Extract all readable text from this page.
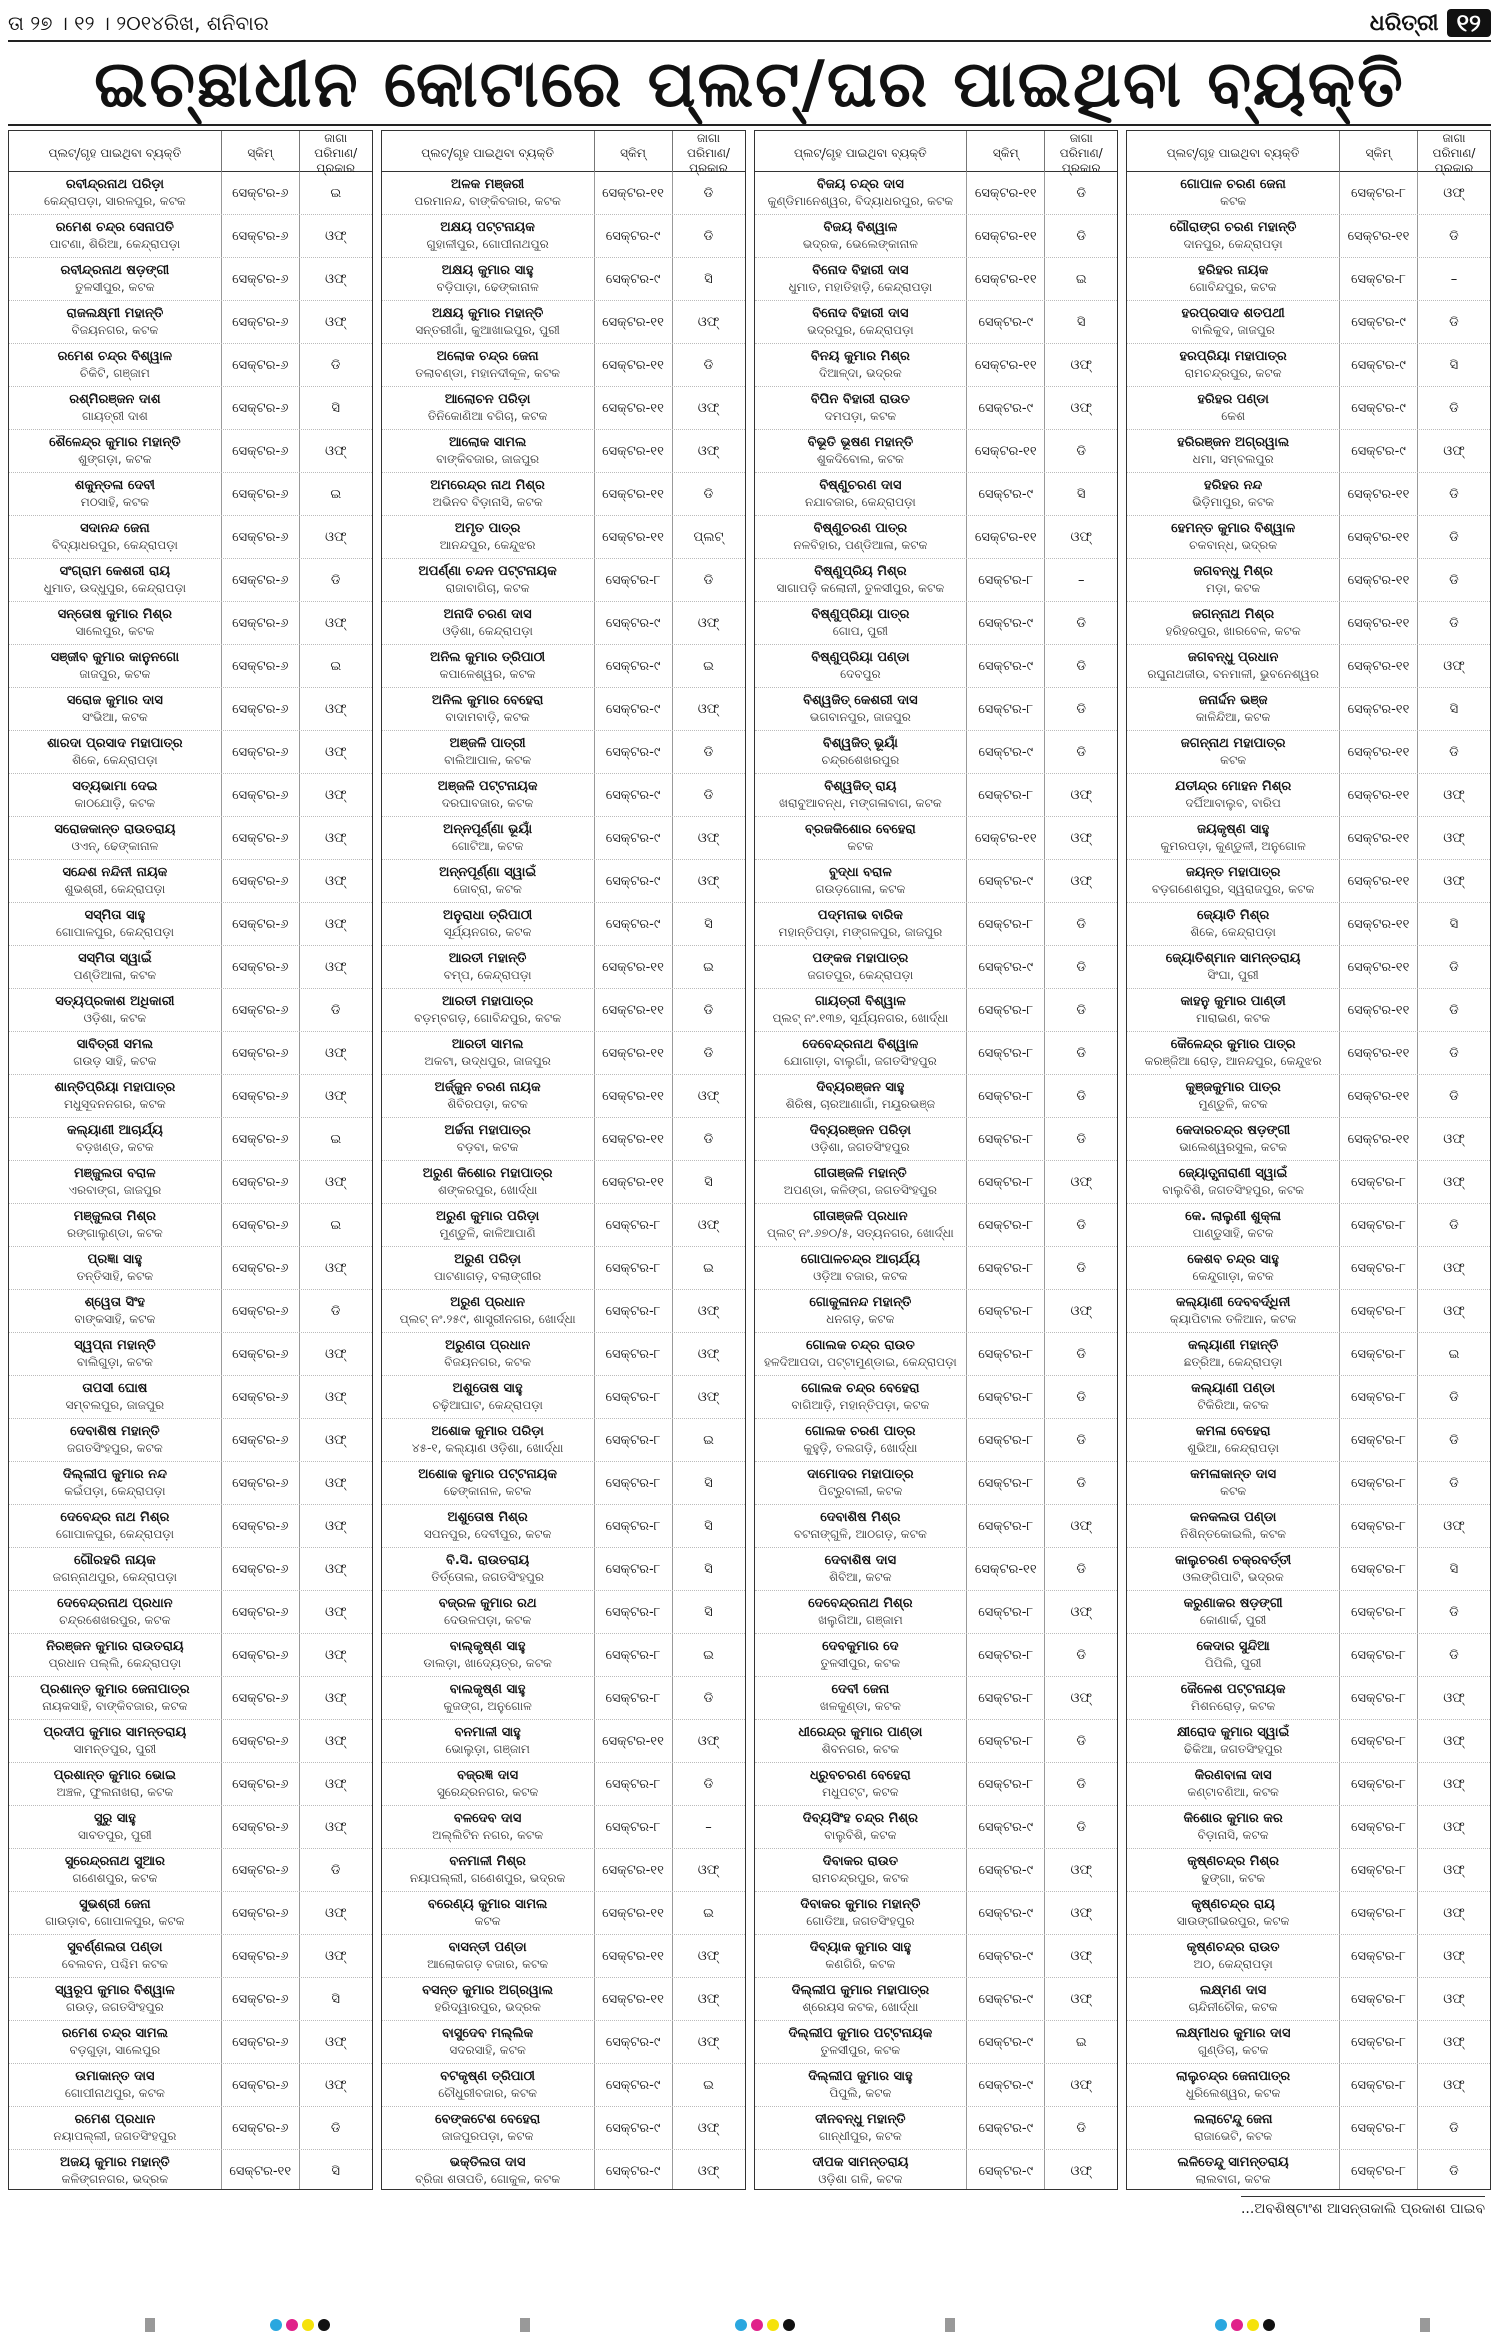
ତା ୨୭ । ୧୨ । ୨୦୧୪ରିଖ, ଶନିବାର	ଧରିତ୍ରୀ ୧୨
ଇଚ୍ଛାଧୀନ କୋଟାରେ ପ୍ଲଟ୍/ଘର ପାଇଥିବା ବ୍ୟକ୍ତି
ପ୍ଲଟ୍/ଗୃହ ପାଇଥିବା ବ୍ୟକ୍ତି	ସ୍କିମ୍
ଜାଗା ପରିମାଣ/ ପ୍ରକାର
ରବୀନ୍ଦ୍ରନାଥ ପରିଡ଼ା
କେନ୍ଦ୍ରାପଡ଼ା, ସାରଳପୁର, କଟକ
ସେକ୍ଟର-୬	ଇ
ରମେଶ ଚନ୍ଦ୍ର ସେନାପତି
ପାଟଣା, ଶିରିଆ, କେନ୍ଦ୍ରାପଡ଼ା
ସେକ୍ଟର-୬	ଓଫ୍
ରବୀନ୍ଦ୍ରନାଥ ଷଡ଼ଙ୍ଗୀ
ତୁଳସୀପୁର, କଟକ
ସେକ୍ଟର-୬	ଓଫ୍
ରାଜଲକ୍ଷ୍ମୀ ମହାନ୍ତି
ବିଜୟନଗର, କଟକ
ସେକ୍ଟର-୬	ଓଫ୍
ରମେଶ ଚନ୍ଦ୍ର ବିଶ୍ୱାଳ
ଚିକିଟି, ଗଞ୍ଜାମ
ସେକ୍ଟର-୬	ଡି
ରଶ୍ମିରଞ୍ଜନ ଦାଶ
ଗାୟତ୍ରୀ ଦାଶ
ସେକ୍ଟର-୬	ସି
ଶୈଳେନ୍ଦ୍ର କୁମାର ମହାନ୍ତି
ଶୁଙ୍ଗଡ଼ା, କଟକ
ସେକ୍ଟର-୬	ଓଫ୍
ଶକୁନ୍ତଳା ଦେବୀ
ମଠସାହି, କଟକ
ସେକ୍ଟର-୬	ଇ
ସଦାନନ୍ଦ ଜେନା
ବିଦ୍ୟାଧରପୁର, କେନ୍ଦ୍ରାପଡ଼ା
ସେକ୍ଟର-୬	ଓଫ୍
ସଂଗ୍ରାମ କେଶରୀ ରାୟ
ଧୁମାତ, ଉଦ୍ଧୁପୁର, କେନ୍ଦ୍ରାପଡ଼ା
ସେକ୍ଟର-୬	ଡି
ସନ୍ତୋଷ କୁମାର ମିଶ୍ର
ସାଲେପୁର, କଟକ
ସେକ୍ଟର-୬	ଓଫ୍
ସଞ୍ଜୀବ କୁମାର କାନୁନଗୋ
ଜାଜପୁର, କଟକ
ସେକ୍ଟର-୬	ଇ
ସରୋଜ କୁମାର ଦାସ
ସଂଭିଆ, କଟକ
ସେକ୍ଟର-୬	ଓଫ୍
ଶାରଦା ପ୍ରସାଦ ମହାପାତ୍ର
ଶିକେ, କେନ୍ଦ୍ରାପଡ଼ା
ସେକ୍ଟର-୬	ଓଫ୍
ସତ୍ୟଭାମା ଦେଇ
କାଠଯୋଡ଼ି, କଟକ
ସେକ୍ଟର-୬	ଓଫ୍
ସରୋଜକାନ୍ତ ରାଉତରାୟ
ଓଏନ୍, ଢେଙ୍କାନାଳ
ସେକ୍ଟର-୬	ଓଫ୍
ସନ୍ଦେଶ ନନ୍ଦିନୀ ନାୟକ
ଶୁଭଶ୍ରୀ, କେନ୍ଦ୍ରାପଡ଼ା
ସେକ୍ଟର-୬	ଓଫ୍
ସସ୍ମିତା ସାହୁ
ଗୋପାଳପୁର, କେନ୍ଦ୍ରାପଡ଼ା
ସେକ୍ଟର-୬	ଓଫ୍
ସସ୍ମିତା ସ୍ୱାଇଁ
ପଣ୍ଡିଆଳା, କଟକ
ସେକ୍ଟର-୬	ଓଫ୍
ସତ୍ୟପ୍ରକାଶ ଅଧିକାରୀ
ଓଡ଼ିଶା, କଟକ
ସେକ୍ଟର-୬	ଡି
ସାବିତ୍ରୀ ସମଲ
ଗଉଡ଼ ସାହି, କଟକ
ସେକ୍ଟର-୬	ଓଫ୍
ଶାନ୍ତିପ୍ରିୟା ମହାପାତ୍ର
ମଧୁସୂଦନନଗର, କଟକ
ସେକ୍ଟର-୬	ଓଫ୍
କଲ୍ୟାଣୀ ଆଚାର୍ଯ୍ୟ
ବଡ଼ଖଣ୍ଡ, କଟକ
ସେକ୍ଟର-୬	ଇ
ମଞ୍ଜୁଲତା ବରାଳ
ଏରବାଙ୍ଗ, ଜାଜପୁର
ସେକ୍ଟର-୬	ଓଫ୍
ମଞ୍ଜୁଲତା ମିଶ୍ର
ରଙ୍ଗାଲୁଣ୍ଡା, କଟକ
ସେକ୍ଟର-୬	ଇ
ପ୍ରଜ୍ଞା ସାହୁ
ତନ୍ତିସାହି, କଟକ
ସେକ୍ଟର-୬	ଓଫ୍
ଶ୍ୱେତା ସିଂହ
ବାଙ୍କସାହି, କଟକ
ସେକ୍ଟର-୬	ଡି
ସ୍ୱପ୍ନା ମହାନ୍ତି
ବାଲିଗୁଡ଼ା, କଟକ
ସେକ୍ଟର-୬	ଓଫ୍
ତାପସୀ ଘୋଷ
ସମ୍ବଲପୁର, ଜାଜପୁର
ସେକ୍ଟର-୬	ଓଫ୍
ଦେବାଶିଷ ମହାନ୍ତି
ଜଗତସିଂହପୁର, କଟକ
ସେକ୍ଟର-୬	ଓଫ୍
ଦିଲ୍ଲୀପ କୁମାର ନନ୍ଦ
କଇଁପଡ଼ା, କେନ୍ଦ୍ରାପଡ଼ା
ସେକ୍ଟର-୬	ଓଫ୍
ଦେବେନ୍ଦ୍ର ନାଥ ମିଶ୍ର
ଗୋପାଳପୁର, କେନ୍ଦ୍ରାପଡ଼ା
ସେକ୍ଟର-୬	ଓଫ୍
ଗୌରହରି ନାୟକ
ଜଗନ୍ନାଥପୁର, କେନ୍ଦ୍ରାପଡ଼ା
ସେକ୍ଟର-୬	ଓଫ୍
ଦେବେନ୍ଦ୍ରନାଥ ପ୍ରଧାନ
ଚନ୍ଦ୍ରଶେଖରପୁର, କଟକ
ସେକ୍ଟର-୬	ଓଫ୍
ନିରଞ୍ଜନ କୁମାର ରାଉତରାୟ
ପ୍ରଧାନ ପଲ୍ଲି, କେନ୍ଦ୍ରାପଡ଼ା
ସେକ୍ଟର-୬	ଓଫ୍
ପ୍ରଶାନ୍ତ କୁମାର ଜେନାପାତ୍ର
ନାୟକସାହି, ବାଙ୍କିବଜାର, କଟକ
ସେକ୍ଟର-୬	ଓଫ୍
ପ୍ରଦୀପ କୁମାର ସାମନ୍ତରାୟ
ସାମନ୍ତପୁର, ପୁରୀ
ସେକ୍ଟର-୬	ଓଫ୍
ପ୍ରଶାନ୍ତ କୁମାର ଭୋଇ
ଅଞ୍ଚଳ, ଫୁଲନାଖରା, କଟକ
ସେକ୍ଟର-୬	ଓଫ୍
ସୁରୁ ସାହୁ
ସାବତପୁର, ପୁରୀ
ସେକ୍ଟର-୬	ଓଫ୍
ସୁରେନ୍ଦ୍ରନାଥ ସୁଆର
ଗଣେଶପୁର, କଟକ
ସେକ୍ଟର-୬	ଡି
ସୁଭଶ୍ରୀ ଜେନା
ଗାଉଡ଼ାବ, ଗୋପାଳପୁର, କଟକ
ସେକ୍ଟର-୬	ଓଫ୍
ସୁବର୍ଣ୍ଣଲତା ପଣ୍ଡା
ବେଲବନ, ପଶ୍ଚିମ କଟକ
ସେକ୍ଟର-୬	ଓଫ୍
ସ୍ୱରୂପ କୁମାର ବିଶ୍ୱାଳ
ଗଉଡ଼, ଜଗତସିଂହପୁର
ସେକ୍ଟର-୬	ସି
ରମେଶ ଚନ୍ଦ୍ର ସାମଲ
ବଡ଼ଗୁଡ଼ା, ସାଲେପୁର
ସେକ୍ଟର-୬	ଓଫ୍
ଉମାକାନ୍ତ ଦାସ
ଗୋପୀନାଥପୁର, କଟକ
ସେକ୍ଟର-୬	ଓଫ୍
ରମେଶ ପ୍ରଧାନ
ନୟାପଲ୍ଲୀ, ଜଗତସିଂହପୁର
ସେକ୍ଟର-୬	ଡି
ଅଜୟ କୁମାର ମହାନ୍ତି
କଳିଙ୍ଗନଗର, ଭଦ୍ରକ
ସେକ୍ଟର-୧୧	ସି
ପ୍ଲଟ୍/ଗୃହ ପାଇଥିବା ବ୍ୟକ୍ତି	ସ୍କିମ୍
ଜାଗା ପରିମାଣ/ ପ୍ରକାର
ଅଳକ ମଞ୍ଜରୀ
ପରମାନନ୍ଦ, ବାଙ୍କିବଜାର, କଟକ
ସେକ୍ଟର-୧୧	ଡି
ଅକ୍ଷୟ ପଟ୍ଟନାୟକ
ଗୁହାଳୀପୁର, ଗୋପୀନାଥପୁର
ସେକ୍ଟର-୯	ଡି
ଅକ୍ଷୟ କୁମାର ସାହୁ
ବଡ଼ିପାଡ଼ା, ଢେଙ୍କାନାଳ
ସେକ୍ଟର-୯	ସି
ଅକ୍ଷୟ କୁମାର ମହାନ୍ତି
ସନ୍ତରୀଗାଁ, କୁଆଖାଇପୁର, ପୁରୀ
ସେକ୍ଟର-୧୧	ଓଫ୍
ଅଲୋକ ଚନ୍ଦ୍ର ଜେନା
ତଲାବଣ୍ଡା, ମହାନଦୀକୂଳ, କଟକ
ସେକ୍ଟର-୧୧	ଡି
ଆଲୋଚନ ପରିଡ଼ା
ତିନିକୋଣିଆ ବଗିଚା, କଟକ
ସେକ୍ଟର-୧୧	ଓଫ୍
ଆଲୋକ ସାମଲ
ବାଙ୍କିବଜାର, ଜାଜପୁର
ସେକ୍ଟର-୧୧	ଓଫ୍
ଅମରେନ୍ଦ୍ର ନାଥ ମିଶ୍ର
ଅଭିନବ ବିଡ଼ାନାସି, କଟକ
ସେକ୍ଟର-୧୧	ଡି
ଅମୃତ ପାତ୍ର
ଆନନ୍ଦପୁର, କେନ୍ଦୁଝର
ସେକ୍ଟର-୧୧	ପ୍ଲଟ୍
ଅପର୍ଣ୍ଣା ଚନ୍ଦନ ପଟ୍ଟନାୟକ
ରାଜାବାଗିଚା, କଟକ
ସେକ୍ଟର-୮	ଡି
ଅନାଦି ଚରଣ ଦାସ
ଓଡ଼ିଶା, କେନ୍ଦ୍ରାପଡ଼ା
ସେକ୍ଟର-୯	ଓଫ୍
ଅନିଲ କୁମାର ତ୍ରିପାଠୀ
କପାଳେଶ୍ୱର, କଟକ
ସେକ୍ଟର-୯	ଇ
ଅନିଲ କୁମାର ବେହେରା
ବାଦାମବାଡ଼ି, କଟକ
ସେକ୍ଟର-୯	ଓଫ୍
ଅଞ୍ଜଳି ପାତ୍ରୀ
ବାଲିଆପାଳ, କଟକ
ସେକ୍ଟର-୯	ଡି
ଅଞ୍ଜଳି ପଟ୍ଟନାୟକ
ଦରଘାବଜାର, କଟକ
ସେକ୍ଟର-୯	ଡି
ଅନ୍ନପୂର୍ଣ୍ଣା ଭୂୟାଁ
ଗୋଟିଆ, କଟକ
ସେକ୍ଟର-୯	ଓଫ୍
ଅନ୍ନପୂର୍ଣ୍ଣା ସ୍ୱାଇଁ
ଜୋବ୍ରା, କଟକ
ସେକ୍ଟର-୯	ଓଫ୍
ଅନୁରାଧା ତ୍ରିପାଠୀ
ସୂର୍ଯ୍ୟନଗର, କଟକ
ସେକ୍ଟର-୯	ସି
ଆରତୀ ମହାନ୍ତି
ବମ୍ପ, କେନ୍ଦ୍ରାପଡ଼ା
ସେକ୍ଟର-୧୧	ଇ
ଆରତୀ ମହାପାତ୍ର
ବଡ଼ମ୍ବଗଡ଼, ଗୋବିନ୍ଦପୁର, କଟକ
ସେକ୍ଟର-୧୧	ଡି
ଆରତୀ ସାମଲ
ଅକଟା, ଉଦ୍ଧପୁର, ଜାଜପୁର
ସେକ୍ଟର-୧୧	ଡି
ଅର୍ଜ୍ଜୁନ ଚରଣ ନାୟକ
ଶିବିରପଡ଼ା, କଟକ
ସେକ୍ଟର-୧୧	ଓଫ୍
ଅର୍ଚ୍ଚନା ମହାପାତ୍ର
ବଡ଼ବା, କଟକ
ସେକ୍ଟର-୧୧	ଡି
ଅରୁଣ କିଶୋର ମହାପାତ୍ର
ଶଙ୍କରପୁର, ଖୋର୍ଦ୍ଧା
ସେକ୍ଟର-୧୧	ସି
ଅରୁଣ କୁମାର ପରିଡ଼ା
ମୁଣ୍ଡୁଳି, କାଳିଆପାଣି
ସେକ୍ଟର-୮	ଓଫ୍
ଅରୁଣ ପରିଡ଼ା
ପାଟଣାଗଡ଼, ବଲାଙ୍ଗୀର
ସେକ୍ଟର-୮	ଇ
ଅରୁଣ ପ୍ରଧାନ
ପ୍ଲଟ୍ ନଂ.୨୫୯, ଶାସ୍ତ୍ରୀନଗର, ଖୋର୍ଦ୍ଧା
ସେକ୍ଟର-୮	ଓଫ୍
ଅରୁଣତା ପ୍ରଧାନ
ବିଜୟନଗର, କଟକ
ସେକ୍ଟର-୮	ଓଫ୍
ଅଶୁତୋଷ ସାହୁ
ଚଢ଼ିଆଘାଟ, କେନ୍ଦ୍ରାପଡ଼ା
ସେକ୍ଟର-୮	ଓଫ୍
ଅଶୋକ କୁମାର ପରିଡ଼ା
୪୫-୧, କଲ୍ୟାଣ ଓଡ଼ିଶା, ଖୋର୍ଦ୍ଧା
ସେକ୍ଟର-୮	ଇ
ଅଶୋକ କୁମାର ପଟ୍ଟନାୟକ
ଢେଙ୍କାନାଳ, କଟକ
ସେକ୍ଟର-୮	ସି
ଅଶୁତୋଷ ମିଶ୍ର
ସପନପୁର, ଦେବୀପୁର, କଟକ
ସେକ୍ଟର-୮	ସି
ବି.ସି. ରାଉତରାୟ
ତିର୍ତ୍ତୋଲ, ଜଗତସିଂହପୁର
ସେକ୍ଟର-୮	ସି
ବଜ୍ରଳ କୁମାର ରଥ
ଦେଉଳପଡ଼ା, କଟକ
ସେକ୍ଟର-୮	ସି
ବାଲ୍‌କୃଷ୍ଣ ସାହୁ
ଡାଲଡ଼ା, ଖାଦ୍ୟେତ୍ର, କଟକ
ସେକ୍ଟର-୮	ଇ
ବାଲକୃଷ୍ଣ ସାହୁ
କୁଜଙ୍ଗ, ଅନୁଗୋଳ
ସେକ୍ଟର-୮	ଡି
ବନମାଳୀ ସାହୁ
ଭୋଲୁଡ଼ା, ଗଞ୍ଜାମ
ସେକ୍ଟର-୧୧	ଓଫ୍
ବଜ୍ରଜ୍ଞ ଦାସ
ସୁରେନ୍ଦ୍ରନଗର, କଟକ
ସେକ୍ଟର-୮	ଡି
ବଳଦେବ ଦାସ
ଅଲ୍ଲିଟିନ ନଗର, କଟକ
ସେକ୍ଟର-୮	–
ବନମାଳୀ ମିଶ୍ର
ନୟାପଲ୍ଲୀ, ଗଣେଶପୁର, ଭଦ୍ରକ
ସେକ୍ଟର-୧୧	ଓଫ୍
ବରେଣ୍ୟ କୁମାର ସାମଲ
କଟକ
ସେକ୍ଟର-୧୧	ଇ
ବାସନ୍ତୀ ପଣ୍ଡା
ଆଲୋକଗଡ଼ ବଜାର, କଟକ
ସେକ୍ଟର-୧୧	ଓଫ୍
ବସନ୍ତ କୁମାର ଅଗ୍ରୱାଲ
ହରିଦ୍ୱାରପୁର, ଭଦ୍ରକ
ସେକ୍ଟର-୧୧	ଓଫ୍
ବାସୁଦେବ ମଲ୍ଲିକ
ସଦରସାହି, କଟକ
ସେକ୍ଟର-୯	ଓଫ୍
ବଟକୃଷ୍ଣ ତ୍ରିପାଠୀ
ଚୌଧୁରୀବଜାର, କଟକ
ସେକ୍ଟର-୯	ଇ
ବେଙ୍କଟେଶ ବେହେରା
ଜାଜପୁରପଡ଼ା, କଟକ
ସେକ୍ଟର-୯	ଓଫ୍
ଭକ୍ତିଲତା ଦାସ
ବ୍ରିଜା ଶତାପତି, ଗୋକୁଳ, କଟକ
ସେକ୍ଟର-୯	ଓଫ୍
ପ୍ଲଟ୍/ଗୃହ ପାଇଥିବା ବ୍ୟକ୍ତି	ସ୍କିମ୍
ଜାଗା ପରିମାଣ/ ପ୍ରକାର
ବିଜୟ ଚନ୍ଦ୍ର ଦାସ
କୁଣ୍ଡିମାନେଶ୍ୱର, ବିଦ୍ୟାଧରପୁର, କଟକ
ସେକ୍ଟର-୧୧	ଡି
ବିଜୟ ବିଶ୍ୱାଳ
ଭଦ୍ରକ, ଭେଲେଙ୍କାନାଳ
ସେକ୍ଟର-୧୧	ଡି
ବିନୋଦ ବିହାରୀ ଦାସ
ଧୁମାତ, ମହାତିହାଡ଼ି, କେନ୍ଦ୍ରାପଡ଼ା
ସେକ୍ଟର-୧୧	ଇ
ବିନୋଦ ବିହାରୀ ଦାସ
ଭଦ୍ରପୁର, କେନ୍ଦ୍ରାପଡ଼ା
ସେକ୍ଟର-୯	ସି
ବିନୟ କୁମାର ମିଶ୍ର
ଦିଆଳ୍ଦା, ଭଦ୍ରକ
ସେକ୍ଟର-୧୧	ଓଫ୍
ବିପିନ ବିହାରୀ ରାଉତ
ଦମପଡ଼ା, କଟକ
ସେକ୍ଟର-୯	ଓଫ୍
ବିଭୂତି ଭୂଷଣ ମହାନ୍ତି
ଶୁକଦିବୋଲ, କଟକ
ସେକ୍ଟର-୧୧	ଡି
ବିଷ୍ଣୁଚରଣ ଦାସ
ନଯାବଜାର, କେନ୍ଦ୍ରାପଡ଼ା
ସେକ୍ଟର-୯	ସି
ବିଷ୍ଣୁଚରଣ ପାତ୍ର
ନଳବିହାର, ପଣ୍ଡିଆଳା, କଟକ
ସେକ୍ଟର-୧୧	ଓଫ୍
ବିଷ୍ଣୁପ୍ରିୟ ମିଶ୍ର
ସାଗାପଡ଼ି କଲୋନୀ, ତୁଳସୀପୁର, କଟକ
ସେକ୍ଟର-୮	–
ବିଷ୍ଣୁପ୍ରିୟା ପାତ୍ର
ଗୋପ, ପୁରୀ
ସେକ୍ଟର-୯	ଡି
ବିଷ୍ଣୁପ୍ରିୟା ପଣ୍ଡା
ଦେବପୁର
ସେକ୍ଟର-୯	ଡି
ବିଶ୍ୱଜିତ୍ କେଶରୀ ଦାସ
ଭଗବାନପୁର, ଜାଜପୁର
ସେକ୍ଟର-୮	ଡି
ବିଶ୍ୱଜିତ୍ ଭୂୟାଁ
ଚନ୍ଦ୍ରଶେଖରପୁର
ସେକ୍ଟର-୯	ଡି
ବିଶ୍ୱଜିତ୍ ରାୟ
ଖରାବୁଆବନ୍ଧ, ମଙ୍ଗଳାବାଗ, କଟକ
ସେକ୍ଟର-୮	ଓଫ୍
ବ୍ରଜକିଶୋର ବେହେରା
କଟକ
ସେକ୍ଟର-୧୧	ଓଫ୍
ବୁଦ୍ଧା ବରାଳ
ଗଉଡ଼ଗୋଳା, କଟକ
ସେକ୍ଟର-୯	ଓଫ୍
ପଦ୍ମନାଭ ବାରିକ
ମହାନ୍ତିପଡ଼ା, ମଙ୍ଗଳପୁର, ଜାଜପୁର
ସେକ୍ଟର-୮	ଡି
ପଙ୍କଜ ମହାପାତ୍ର
ଜଗତପୁର, କେନ୍ଦ୍ରାପଡ଼ା
ସେକ୍ଟର-୯	ଡି
ଗାୟତ୍ରୀ ବିଶ୍ୱାଳ
ପ୍ଲଟ୍ ନଂ.୧୩୭, ସୂର୍ଯ୍ୟନଗର, ଖୋର୍ଦ୍ଧା
ସେକ୍ଟର-୮	ଡି
ଦେବେନ୍ଦ୍ରନାଥ ବିଶ୍ୱାଳ
ଯୋଗାଡ଼ା, ବାଲୁଗାଁ, ଜଗତସିଂହପୁର
ସେକ୍ଟର-୮	ଡି
ଦିବ୍ୟରଞ୍ଜନ ସାହୁ
ଶିରିଷ, ଚାରଆଣାଗାଁ, ମୟୂରଭଞ୍ଜ
ସେକ୍ଟର-୮	ଡି
ଦିବ୍ୟରଞ୍ଜନ ପରିଡ଼ା
ଓଡ଼ିଶା, ଜଗତସିଂହପୁର
ସେକ୍ଟର-୮	ଡି
ଗୀତାଞ୍ଜଳି ମହାନ୍ତି
ଅପଣ୍ଡା, କଳିଙ୍ଗ, ଜଗତସିଂହପୁର
ସେକ୍ଟର-୮	ଓଫ୍
ଗୀତାଞ୍ଜଳି ପ୍ରଧାନ
ପ୍ଲଟ୍ ନଂ.୬୭୦/୫, ସତ୍ୟନଗର, ଖୋର୍ଦ୍ଧା
ସେକ୍ଟର-୮	ଡି
ଗୋପାଳଚନ୍ଦ୍ର ଆଚାର୍ଯ୍ୟ
ଓଡ଼ିଆ ବଜାର, କଟକ
ସେକ୍ଟର-୮	ଡି
ଗୋକୁଳାନନ୍ଦ ମହାନ୍ତି
ଧନଗଡ଼, କଟକ
ସେକ୍ଟର-୮	ଓଫ୍
ଗୋଲକ ଚନ୍ଦ୍ର ରାଉତ
ହଳଦିଆପଦା, ପଟ୍ଟାମୁଣ୍ଡାଇ, କେନ୍ଦ୍ରାପଡ଼ା
ସେକ୍ଟର-୮	ଡି
ଗୋଲକ ଚନ୍ଦ୍ର ବେହେରା
ବାଗିଆଡ଼ି, ମହାନ୍ତିପଡ଼ା, କଟକ
ସେକ୍ଟର-୮	ଡି
ଗୋଲକ ଚରଣ ପାତ୍ର
କୁହୁଡ଼ି, ତଲଗଡ଼ି, ଖୋର୍ଦ୍ଧା
ସେକ୍ଟର-୮	ଡି
ଦାମୋଦର ମହାପାତ୍ର
ପିଟ୍ରୁବାଲୀ, କଟକ
ସେକ୍ଟର-୮	ଡି
ଦେବାଶିଷ ମିଶ୍ର
ବଟନାଙ୍ଗୁଳି, ଆଠଗଡ଼, କଟକ
ସେକ୍ଟର-୮	ଓଫ୍
ଦେବାଶିଷ ଦାସ
ଶିବିଆ, କଟକ
ସେକ୍ଟର-୧୧	ଡି
ଦେବେନ୍ଦ୍ରନାଥ ମିଶ୍ର
ଖଲୁଗିଆ, ଗଞ୍ଜାମ
ସେକ୍ଟର-୮	ଓଫ୍
ଦେବକୁମାର ଦେ
ତୁଳସୀପୁର, କଟକ
ସେକ୍ଟର-୮	ଡି
ଦେବୀ ଜେନା
ଖଳକୁଣ୍ଡା, କଟକ
ସେକ୍ଟର-୮	ଓଫ୍
ଧୀରେନ୍ଦ୍ର କୁମାର ପାଣ୍ଡା
ଶିବନଗର, କଟକ
ସେକ୍ଟର-୮	ଡି
ଧ୍ରୁବଚରଣ ବେହେରା
ମଧୁପଟ୍ଟ, କଟକ
ସେକ୍ଟର-୮	ଡି
ଦିବ୍ୟସିଂହ ଚନ୍ଦ୍ର ମିଶ୍ର
ବାଲୁବିଶି, କଟକ
ସେକ୍ଟର-୯	ଡି
ଦିବାକର ରାଉତ
ରାମଚନ୍ଦ୍ରପୁର, କଟକ
ସେକ୍ଟର-୯	ଓଫ୍
ଦିବାକର କୁମାର ମହାନ୍ତି
ଗୋଡିଆ, ଜଗତସିଂହପୁର
ସେକ୍ଟର-୯	ଓଫ୍
ଦିବ୍ୟାକ କୁମାର ସାହୁ
କଣଗିରି, କଟକ
ସେକ୍ଟର-୯	ଓଫ୍
ଦିଲ୍ଲୀପ କୁମାର ମହାପାତ୍ର
ଶ୍ରେୟସ କଟକ, ଖୋର୍ଦ୍ଧା
ସେକ୍ଟର-୯	ଓଫ୍
ଦିଲ୍ଲୀପ କୁମାର ପଟ୍ଟନାୟକ
ତୁଳସୀପୁର, କଟକ
ସେକ୍ଟର-୯	ଇ
ଦିଲ୍ଲୀପ କୁମାର ସାହୁ
ପିପୁଲି, କଟକ
ସେକ୍ଟର-୯	ଓଫ୍
ଦୀନବନ୍ଧୁ ମହାନ୍ତି
ଗାନ୍ଧୀପୁର, କଟକ
ସେକ୍ଟର-୯	ଡି
ଦୀପକ ସାମନ୍ତରାୟ
ଓଡ଼ିଶା ଗଳି, କଟକ
ସେକ୍ଟର-୯	ଓଫ୍
ପ୍ଲଟ୍/ଗୃହ ପାଇଥିବା ବ୍ୟକ୍ତି	ସ୍କିମ୍
ଜାଗା ପରିମାଣ/ ପ୍ରକାର
ଗୋପାଳ ଚରଣ ଜେନା
କଟକ
ସେକ୍ଟର-୮	ଓଫ୍
ଗୌରାଙ୍ଗ ଚରଣ ମହାନ୍ତି
ଦାନପୁର, କେନ୍ଦ୍ରାପଡ଼ା
ସେକ୍ଟର-୧୧	ଡି
ହରିହର ନାୟକ
ଗୋବିନ୍ଦପୁର, କଟକ
ସେକ୍ଟର-୮	–
ହରପ୍ରସାଦ ଶତପଥୀ
ବାଲିକୁଦ, ଜାଜପୁର
ସେକ୍ଟର-୯	ଡି
ହରପ୍ରିୟା ମହାପାତ୍ର
ରାମଚନ୍ଦ୍ରପୁର, କଟକ
ସେକ୍ଟର-୯	ସି
ହରିହର ପଣ୍ଡା
କେଶ
ସେକ୍ଟର-୯	ଡି
ହରିରଞ୍ଜନ ଅଗ୍ରୱାଲ
ଧମା, ସମ୍ବଲପୁର
ସେକ୍ଟର-୯	ଓଫ୍
ହରିହର ନନ୍ଦ
ଭିଡ଼ିମାପୁର, କଟକ
ସେକ୍ଟର-୧୧	ଡି
ହେମନ୍ତ କୁମାର ବିଶ୍ୱାଳ
ଚକବାନ୍ଧ, ଭଦ୍ରକ
ସେକ୍ଟର-୧୧	ଡି
ଜଗବନ୍ଧୁ ମିଶ୍ର
ମଡ଼ା, କଟକ
ସେକ୍ଟର-୧୧	ଡି
ଜଗନ୍ନାଥ ମିଶ୍ର
ହରିହରପୁର, ଖାରବେଳ, କଟକ
ସେକ୍ଟର-୧୧	ଡି
ଜଗବନ୍ଧୁ ପ୍ରଧାନ
ରଘୁନାଥଜୀଉ, ବନମାଳୀ, ଭୁବନେଶ୍ୱର
ସେକ୍ଟର-୧୧	ଓଫ୍
ଜନାର୍ଦ୍ଦନ ଭଞ୍ଜ
କାଳିନ୍ଦିଆ, କଟକ
ସେକ୍ଟର-୧୧	ସି
ଜଗନ୍ନାଥ ମହାପାତ୍ର
କଟକ
ସେକ୍ଟର-୧୧	ଡି
ଯତୀନ୍ଦ୍ର ମୋହନ ମିଶ୍ର
ଦର୍ଘିଆବାଲୁବ, ବାରିପ
ସେକ୍ଟର-୧୧	ଓଫ୍
ଜୟକୃଷ୍ଣ ସାହୁ
କୁମରପଡ଼ା, କୁଣ୍ଡୁଳୀ, ଅନୁଗୋଳ
ସେକ୍ଟର-୧୧	ଓଫ୍
ଜୟନ୍ତ ମହାପାତ୍ର
ବଡ଼ଗଣେଶପୁର, ସ୍ୱରାଜପୁର, କଟକ
ସେକ୍ଟର-୧୧	ଓଫ୍
ଜ୍ୟୋତି ମିଶ୍ର
ଶିକେ, କେନ୍ଦ୍ରାପଡ଼ା
ସେକ୍ଟର-୧୧	ସି
ଜ୍ୟୋତିଶ୍ମାନ ସାମନ୍ତରାୟ
ସିଂଘା, ପୁରୀ
ସେକ୍ଟର-୧୧	ଡି
କାହନୁ କୁମାର ପାଣ୍ଡୀ
ମାରାଇଣ, କଟକ
ସେକ୍ଟର-୧୧	ଡି
କୈଳେନ୍ଦ୍ର କୁମାର ପାତ୍ର
କରଞ୍ଜିଆ ରୋଡ଼, ଆନନ୍ଦପୁର, କେନ୍ଦୁଝର
ସେକ୍ଟର-୧୧	ଡି
କୁଞ୍ଜକୁମାର ପାତ୍ର
ମୁଣ୍ଡୁଳି, କଟକ
ସେକ୍ଟର-୧୧	ଡି
କେଦାରଚନ୍ଦ୍ର ଷଡ଼ଙ୍ଗୀ
ଭାଲେଶ୍ୱରସୁଲ, କଟକ
ସେକ୍ଟର-୧୧	ଓଫ୍
ଜ୍ୟୋତ୍ସ୍ନାରାଣୀ ସ୍ୱାଇଁ
ବାଲୁବିଶି, ଜଗତସିଂହପୁର, କଟକ
ସେକ୍ଟର-୮	ଓଫ୍
କେ. ଲାଲୁଣୀ ଶୁକ୍ଳା
ପାଣ୍ଡୁସାହି, କଟକ
ସେକ୍ଟର-୮	ଡି
କେଶବ ଚନ୍ଦ୍ର ସାହୁ
କେନ୍ଦୁଗାଡ଼ା, କଟକ
ସେକ୍ଟର-୮	ଓଫ୍
କଲ୍ୟାଣୀ ଦେବବର୍ଦ୍ଧିନୀ
କ୍ୟାପିଟାଲ ତଳିଆନ, କଟକ
ସେକ୍ଟର-୮	ଓଫ୍
କଲ୍ୟାଣୀ ମହାନ୍ତି
ଛତ୍ରିଆ, କେନ୍ଦ୍ରାପଡ଼ା
ସେକ୍ଟର-୮	ଇ
କଲ୍ୟାଣୀ ପଣ୍ଡା
ଟିକିରିଆ, କଟକ
ସେକ୍ଟର-୮	ଡି
କମଳା ବେହେରା
ଶୁଭିଆ, କେନ୍ଦ୍ରାପଡ଼ା
ସେକ୍ଟର-୮	ଡି
କମଳାକାନ୍ତ ଦାସ
କଟକ
ସେକ୍ଟର-୮	ଡି
କନକଲତା ପଣ୍ଡା
ନିଶିନ୍ତକୋଇଲି, କଟକ
ସେକ୍ଟର-୮	ଓଫ୍
କାଲୁଚରଣ ଚକ୍ରବର୍ତ୍ତୀ
ଓଲଙ୍ଗିପାଟି, ଭଦ୍ରକ
ସେକ୍ଟର-୮	ସି
କରୁଣାକର ଷଡ଼ଙ୍ଗୀ
କୋଣାର୍କ, ପୁରୀ
ସେକ୍ଟର-୮	ଡି
କେଦାର ସୁନ୍ଦିଆ
ପିପିଲି, ପୁରୀ
ସେକ୍ଟର-୮	ଡି
କୈଳେଶ ପଟ୍ଟନାୟକ
ମିଶନରୋଡ଼, କଟକ
ସେକ୍ଟର-୮	ଓଫ୍
କ୍ଷୀରୋଦ କୁମାର ସ୍ୱାଇଁ
ଢିକିଆ, ଜଗତସିଂହପୁର
ସେକ୍ଟର-୮	ଓଫ୍
କିରଣବାଳା ଦାସ
କଣ୍ଟାବଣିଆ, କଟକ
ସେକ୍ଟର-୮	ଓଫ୍
କିଶୋର କୁମାର କର
ବିଡ଼ାନାସି, କଟକ
ସେକ୍ଟର-୮	ଓଫ୍
କୃଷ୍ଣଚନ୍ଦ୍ର ମିଶ୍ର
ଢୁଙ୍ଗା, କଟକ
ସେକ୍ଟର-୮	ଓଫ୍
କୃଷ୍ଣଚନ୍ଦ୍ର ରାୟ
ସାଉଙ୍ଗୀଭରପୁର, କଟକ
ସେକ୍ଟର-୮	ଓଫ୍
କୃଷ୍ଣଚନ୍ଦ୍ର ରାଉତ
ଅଠ, କେନ୍ଦ୍ରାପଡ଼ା
ସେକ୍ଟର-୮	ଓଫ୍
ଲକ୍ଷ୍ମଣ ଦାସ
ଚାନ୍ଦିନୀଚୌକ, କଟକ
ସେକ୍ଟର-୮	ଓଫ୍
ଲକ୍ଷ୍ମୀଧର କୁମାର ଦାସ
ଗୁଣ୍ଡିଚା, କଟକ
ସେକ୍ଟର-୮	ଓଫ୍
ଲାଲୁଚନ୍ଦ୍ର ଜେନାପାତ୍ର
ଧୁରିଲେଶ୍ୱର, କଟକ
ସେକ୍ଟର-୮	ଓଫ୍
ଲଲାଟେନ୍ଦୁ ଜେନା
ରାଜାଭେଟି, କଟକ
ସେକ୍ଟର-୮	ଡି
ଲଳିତେନ୍ଦୁ ସାମନ୍ତରାୟ
ଲାଲବାଗ, କଟକ
ସେକ୍ଟର-୮	ଡି
...ଅବଶିଷ୍ଟାଂଶ ଆସନ୍ତାକାଲି ପ୍ରକାଶ ପାଇବ
